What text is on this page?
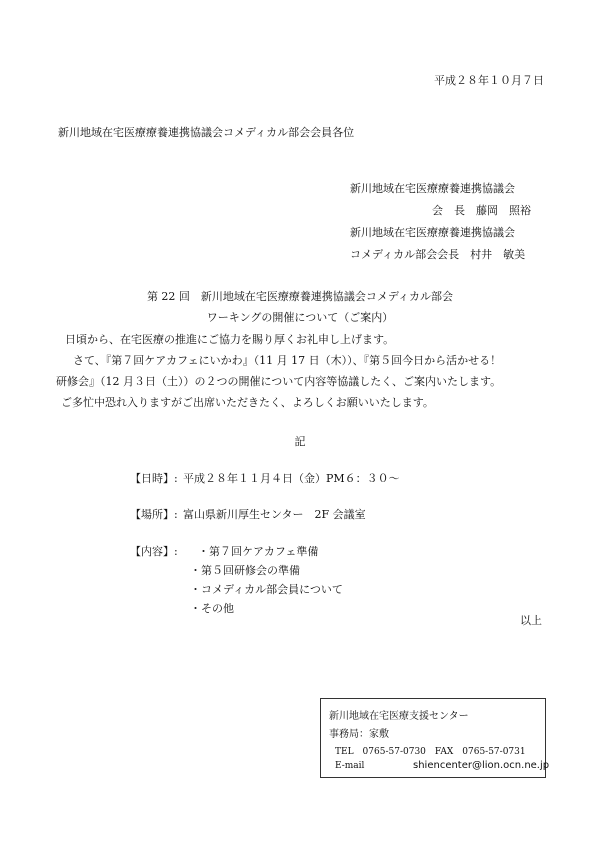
平成２８年１０月７日
新川地域在宅医療療養連携協議会コメディカル部会会員各位
新川地域在宅医療療養連携協議会
会　長　藤岡　照裕
新川地域在宅医療療養連携協議会
コメディカル部会会長　村井　敏美
第 22 回　新川地域在宅医療療養連携協議会コメディカル部会
ワーキングの開催について（ご案内）

日頃から、在宅医療の推進にご協力を賜り厚くお礼申し上げます。

さて、『第７回ケアカフェにいかわ』（11 月 17 日（木））、『第５回今日から活かせる！

研修会』（12 月３日（土））の２つの開催について内容等協議したく、ご案内いたします。

ご多忙中恐れ入りますがご出席いただきたく、よろしくお願いいたします。

記
【日時】: 平成２８年１１月４日（金）PM６：３０～
【場所】: 富山県新川厚生センター　2F 会議室
【内容】: ・第７回ケアカフェ準備
・第５回研修会の準備
・コメディカル部会員について
・その他
以上
新川地域在宅医療支援センター
事務局：家敷
TEL　0765-57-0730　FAX　0765-57-0731
E-mail	shiencenter@lion.ocn.ne.jp
